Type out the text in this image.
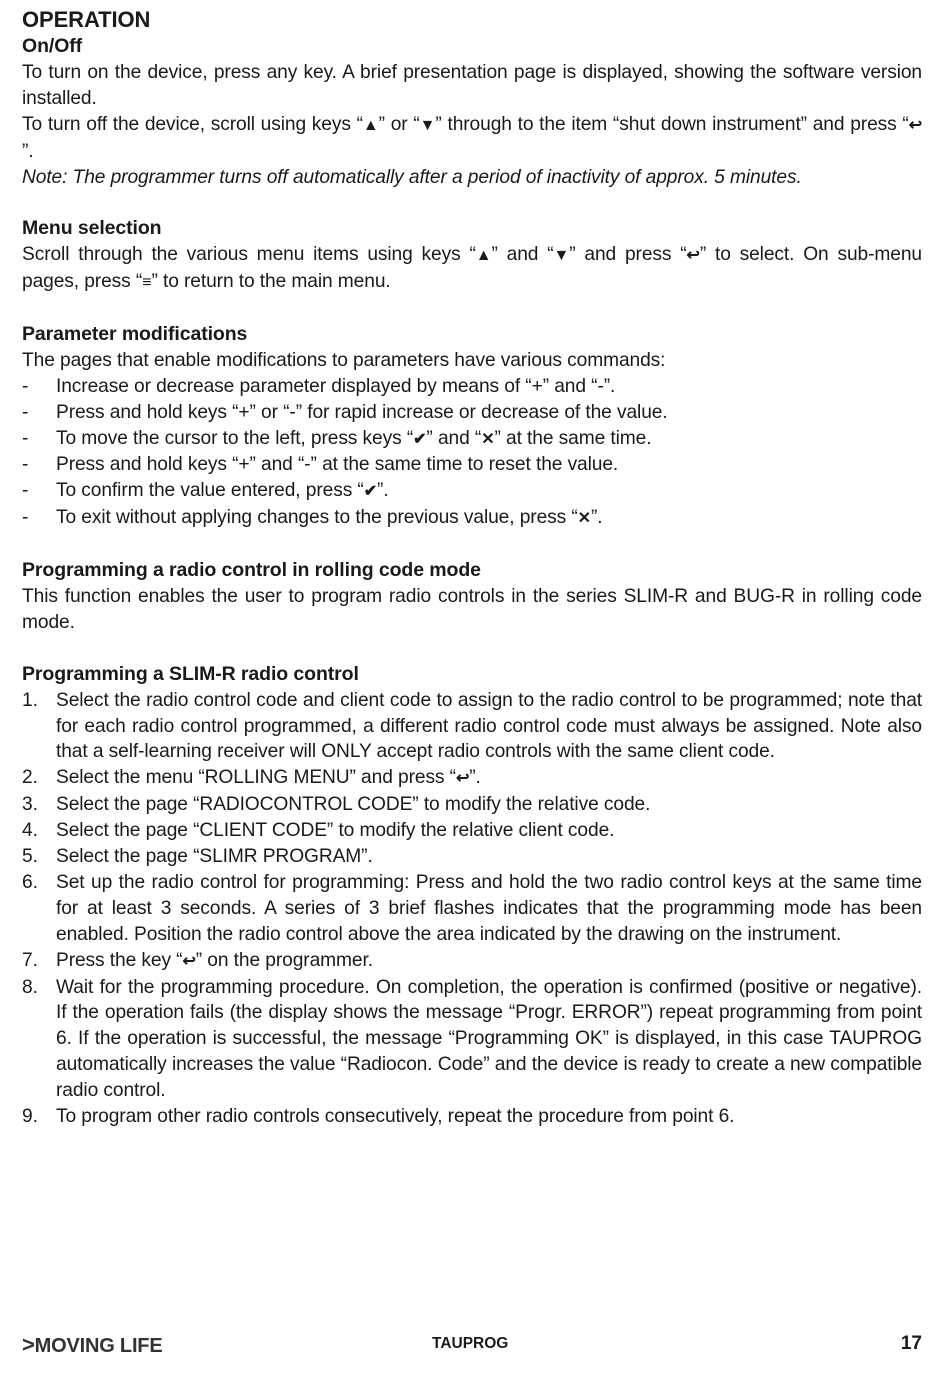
OPERATION
On/Off

To turn on the device, press any key. A brief presentation page is displayed, showing the software version installed.

To turn off the device, scroll using keys “▲” or “▼” through to the item “shut down instrument” and press “↩”.

Note: The programmer turns off automatically after a period of inactivity of approx. 5 minutes.

Menu selection

Scroll through the various menu items using keys “▲” and “▼” and press “↩” to select. On sub-menu pages, press “≡” to return to the main menu.

Parameter modifications

The pages that enable modifications to parameters have various commands:

-	Increase or decrease parameter displayed by means of “+” and “-”.
-	Press and hold keys “+” or “-” for rapid increase or decrease of the value.
-	To move the cursor to the left, press keys “✔” and “✕” at the same time.
-	Press and hold keys “+” and “-” at the same time to reset the value.
-	To confirm the value entered, press “✔”.
-	To exit without applying changes to the previous value, press “✕”.
Programming a radio control in rolling code mode

This function enables the user to program radio controls in the series SLIM-R and BUG-R in rolling code mode.

Programming a SLIM-R radio control
1. Select the radio control code and client code to assign to the radio control to be programmed; note that for each radio control programmed, a different radio control code must always be assigned. Note also that a self-learning receiver will ONLY accept radio controls with the same client code.
2. Select the menu “ROLLING MENU” and press “↩”.
3. Select the page “RADIOCONTROL CODE” to modify the relative code.
4. Select the page “CLIENT CODE” to modify the relative client code.
5. Select the page “SLIMR PROGRAM”.
6. Set up the radio control for programming: Press and hold the two radio control keys at the same time for at least 3 seconds. A series of 3 brief flashes indicates that the programming mode has been enabled. Position the radio control above the area indicated by the drawing on the instrument.
7. Press the key “↩” on the programmer.
8. Wait for the programming procedure. On completion, the operation is confirmed (positive or negative). If the operation fails (the display shows the message “Progr. ERROR”) repeat programming from point 6. If the operation is successful, the message “Programming OK” is displayed, in this case TAUPROG automatically increases the value “Radiocon. Code” and the device is ready to create a new compatible radio control.
9. To program other radio controls consecutively, repeat the procedure from point 6.
>MOVING LIFE	TAUPROG	17
